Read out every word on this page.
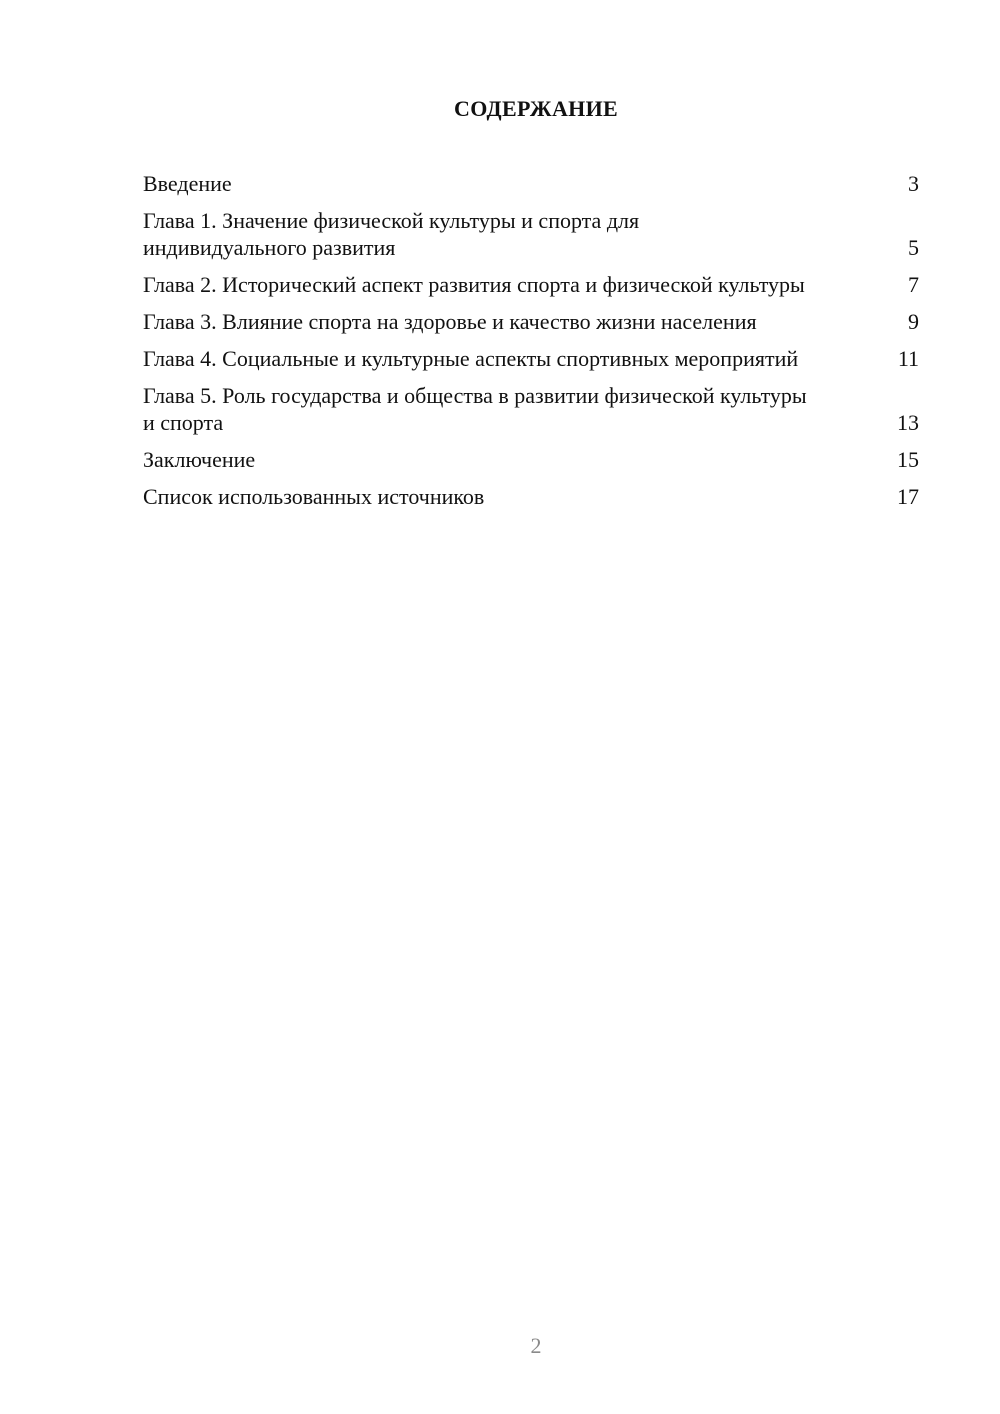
СОДЕРЖАНИЕ
Введение	3
Глава 1. Значение физической культуры и спорта для индивидуального развития	5
Глава 2. Исторический аспект развития спорта и физической культуры	7
Глава 3. Влияние спорта на здоровье и качество жизни населения	9
Глава 4. Социальные и культурные аспекты спортивных мероприятий	11
Глава 5. Роль государства и общества в развитии физической культуры и спорта	13
Заключение	15
Список использованных источников	17
2
